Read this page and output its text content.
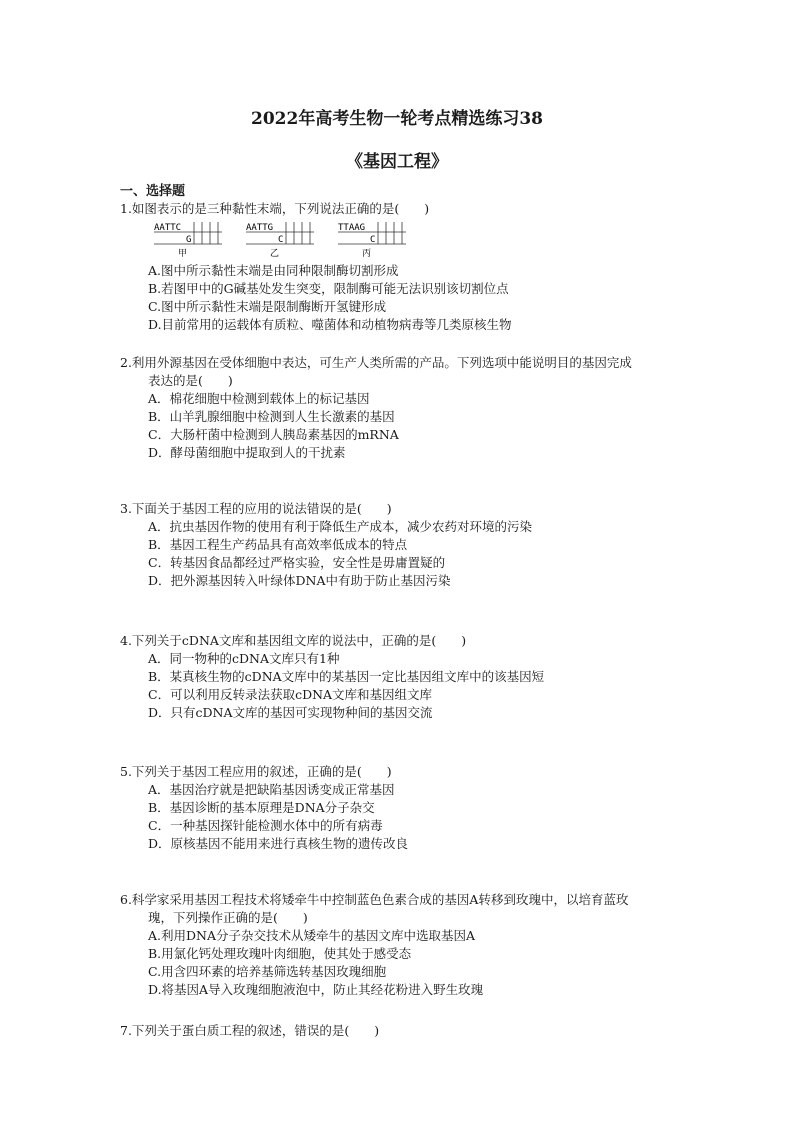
2022年高考生物一轮考点精选练习38
《基因工程》
一、选择题
1.如图表示的是三种黏性末端，下列说法正确的是(　　)
A.图中所示黏性末端是由同种限制酶切割形成
B.若图甲中的G碱基处发生突变，限制酶可能无法识别该切割位点
C.图中所示黏性末端是限制酶断开氢键形成
D.目前常用的运载体有质粒、噬菌体和动植物病毒等几类原核生物
AATTC
G
甲
AATTG
C
乙
TTAAG
C
丙
2.利用外源基因在受体细胞中表达，可生产人类所需的产品。下列选项中能说明目的基因完成
表达的是(　　)
A．棉花细胞中检测到载体上的标记基因
B．山羊乳腺细胞中检测到人生长激素的基因
C．大肠杆菌中检测到人胰岛素基因的mRNA
D．酵母菌细胞中提取到人的干扰素
3.下面关于基因工程的应用的说法错误的是(　　)
A．抗虫基因作物的使用有利于降低生产成本，减少农药对环境的污染
B．基因工程生产药品具有高效率低成本的特点
C．转基因食品都经过严格实验，安全性是毋庸置疑的
D．把外源基因转入叶绿体DNA中有助于防止基因污染
4.下列关于cDNA文库和基因组文库的说法中，正确的是(　　)
A．同一物种的cDNA文库只有1种
B．某真核生物的cDNA文库中的某基因一定比基因组文库中的该基因短
C．可以利用反转录法获取cDNA文库和基因组文库
D．只有cDNA文库的基因可实现物种间的基因交流
5.下列关于基因工程应用的叙述，正确的是(　　)
A．基因治疗就是把缺陷基因诱变成正常基因
B．基因诊断的基本原理是DNA分子杂交
C．一种基因探针能检测水体中的所有病毒
D．原核基因不能用来进行真核生物的遗传改良
6.科学家采用基因工程技术将矮牵牛中控制蓝色色素合成的基因A转移到玫瑰中，以培育蓝玫
瑰，下列操作正确的是(　　)
A.利用DNA分子杂交技术从矮牵牛的基因文库中选取基因A
B.用氯化钙处理玫瑰叶肉细胞，使其处于感受态
C.用含四环素的培养基筛选转基因玫瑰细胞
D.将基因A导入玫瑰细胞液泡中，防止其经花粉进入野生玫瑰
7.下列关于蛋白质工程的叙述，错误的是(　　)
